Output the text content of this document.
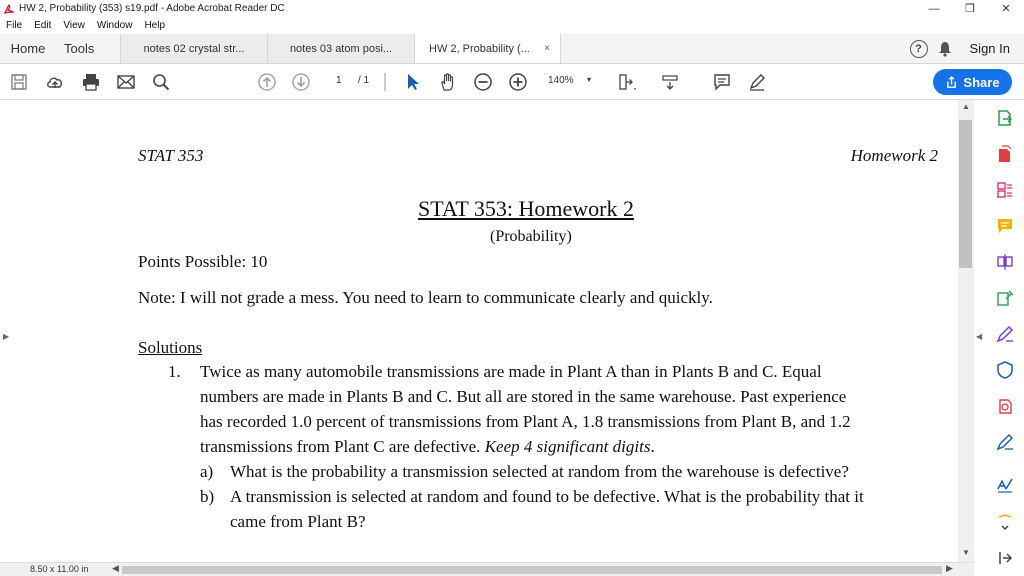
HW 2, Probability (353) s19.pdf - Adobe Acrobat Reader DC	—	❐	✕
File Edit View Window Help
Home	Tools	notes 02 crystal str...	notes 03 atom posi...	HW 2, Probability (... ×	?	Sign In
1 / 1	140% ▾	Share
▶
STAT 353	Homework 2
STAT 353: Homework 2
(Probability)
Points Possible: 10
Note: I will not grade a mess. You need to learn to communicate clearly and quickly.
Solutions
1. Twice as many automobile transmissions are made in Plant A than in Plants B and C. Equal
numbers are made in Plants B and C. But all are stored in the same warehouse. Past experience
has recorded 1.0 percent of transmissions from Plant A, 1.8 transmissions from Plant B, and 1.2
transmissions from Plant C are defective. Keep 4 significant digits.
a) What is the probability a transmission selected at random from the warehouse is defective?
b) A transmission is selected at random and found to be defective. What is the probability that it
came from Plant B?
▲
▼
◀
8.50 x 11.00 in	◀	▶
